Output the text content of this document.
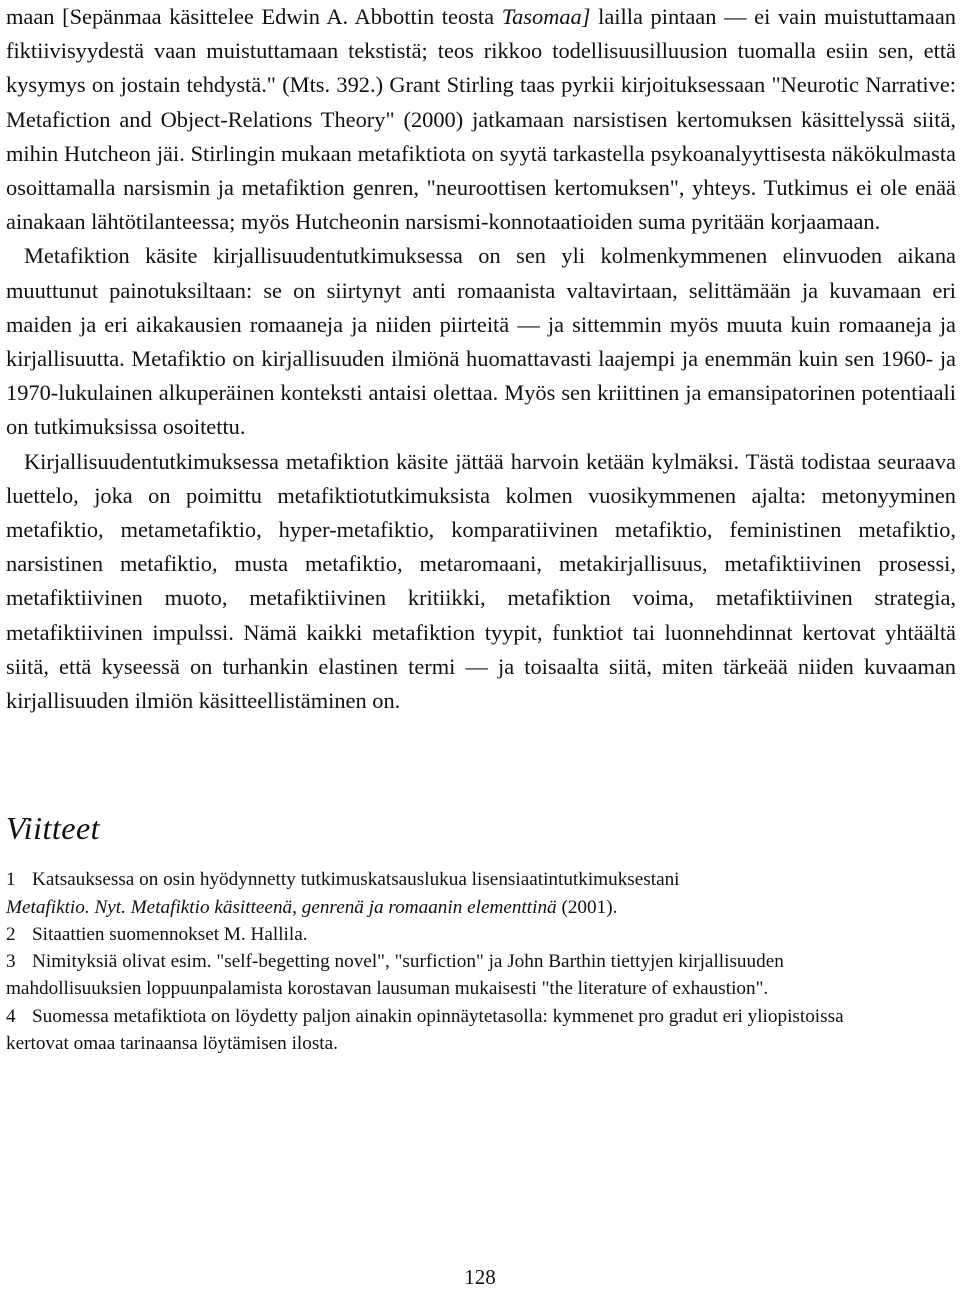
maan [Sepänmaa käsittelee Edwin A. Abbottin teosta Tasomaa] lailla pintaan — ei vain muistuttamaan fiktiivisyydestä vaan muistuttamaan tekstistä; teos rikkoo todellisuusilluusion tuomalla esiin sen, että kysymys on jostain tehdystä." (Mts. 392.) Grant Stirling taas pyrkii kirjoituksessaan "Neurotic Narrative: Metafiction and Object-Relations Theory" (2000) jatkamaan narsistisen kertomuksen käsittelyssä siitä, mihin Hutcheon jäi. Stirlingin mukaan metafiktiota on syytä tarkastella psykoanalyyttisesta näkökulmasta osoittamalla narsismin ja metafiktion genren, "neuroottisen kertomuksen", yhteys. Tutkimus ei ole enää ainakaan lähtötilanteessa; myös Hutcheonin narsismi-konnotaatioiden suma pyritään korjaamaan.

Metafiktion käsite kirjallisuudentutkimuksessa on sen yli kolmenkymmenen elinvuoden aikana muuttunut painotuksiltaan: se on siirtynyt anti romaanista valtavirtaan, selittämään ja kuvamaan eri maiden ja eri aikakausien romaaneja ja niiden piirteitä — ja sittemmin myös muuta kuin romaaneja ja kirjallisuutta. Metafiktio on kirjallisuuden ilmiönä huomattavasti laajempi ja enemmän kuin sen 1960- ja 1970-lukulainen alkuperäinen konteksti antaisi olettaa. Myös sen kriittinen ja emansipatorinen potentiaali on tutkimuksissa osoitettu.

Kirjallisuudentutkimuksessa metafiktion käsite jättää harvoin ketään kylmäksi. Tästä todistaa seuraava luettelo, joka on poimittu metafiktiotutkimuksista kolmen vuosikymmenen ajalta: metonyyminen metafiktio, metametafiktio, hyper-metafiktio, komparatiivinen metafiktio, feministinen metafiktio, narsistinen metafiktio, musta metafiktio, metaromaani, metakirjallisuus, metafiktiivinen prosessi, metafiktiivinen muoto, metafiktiivinen kritiikki, metafiktion voima, metafiktiivinen strategia, metafiktiivinen impulssi. Nämä kaikki metafiktion tyypit, funktiot tai luonnehdinnat kertovat yhtäältä siitä, että kyseessä on turhankin elastinen termi — ja toisaalta siitä, miten tärkeää niiden kuvaaman kirjallisuuden ilmiön käsitteellistäminen on.

Viitteet

1 Katsauksessa on osin hyödynnetty tutkimuskatsauslukua lisensiaatintutkimuksestani
Metafiktio. Nyt. Metafiktio käsitteenä, genrenä ja romaanin elementtinä (2001).

2 Sitaattien suomennokset M. Hallila.

3 Nimityksiä olivat esim. "self-begetting novel", "surfiction" ja John Barthin tiettyjen kirjallisuuden mahdollisuuksien loppuunpalamista korostavan lausuman mukaisesti "the literature of exhaustion".

4 Suomessa metafiktiota on löydetty paljon ainakin opinnäytetasolla: kymmenet pro gradut eri yliopistoissa kertovat omaa tarinaansa löytämisen ilosta.

128
